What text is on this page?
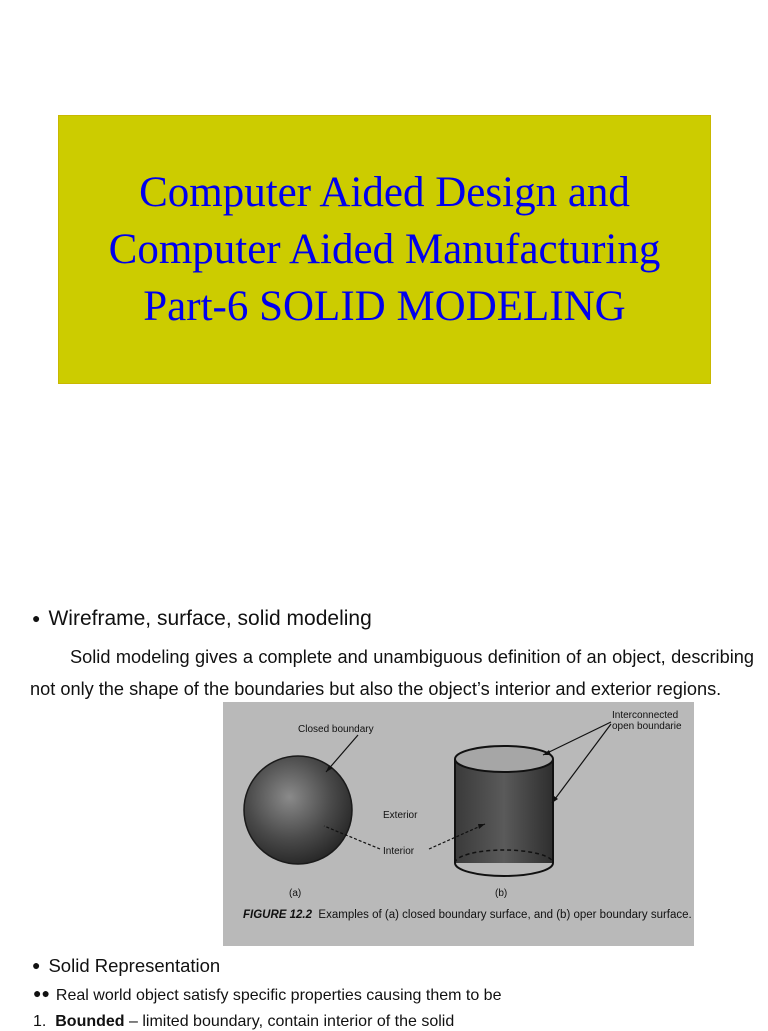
Computer Aided Design and
Computer Aided Manufacturing
Part-6 SOLID MODELING
● Wireframe, surface, solid modeling
Solid modeling gives a complete and unambiguous definition of an object, describing not only the shape of the boundaries but also the object’s interior and exterior regions.
Closed boundary
Interconnected
open boundarie
Exterior
Interior
(a)	(b)
FIGURE 12.2 Examples of (a) closed boundary surface, and (b) oper boundary surface.
● Solid Representation
●● Real world object satisfy specific properties causing them to be
1. Bounded – limited boundary, contain interior of the solid
